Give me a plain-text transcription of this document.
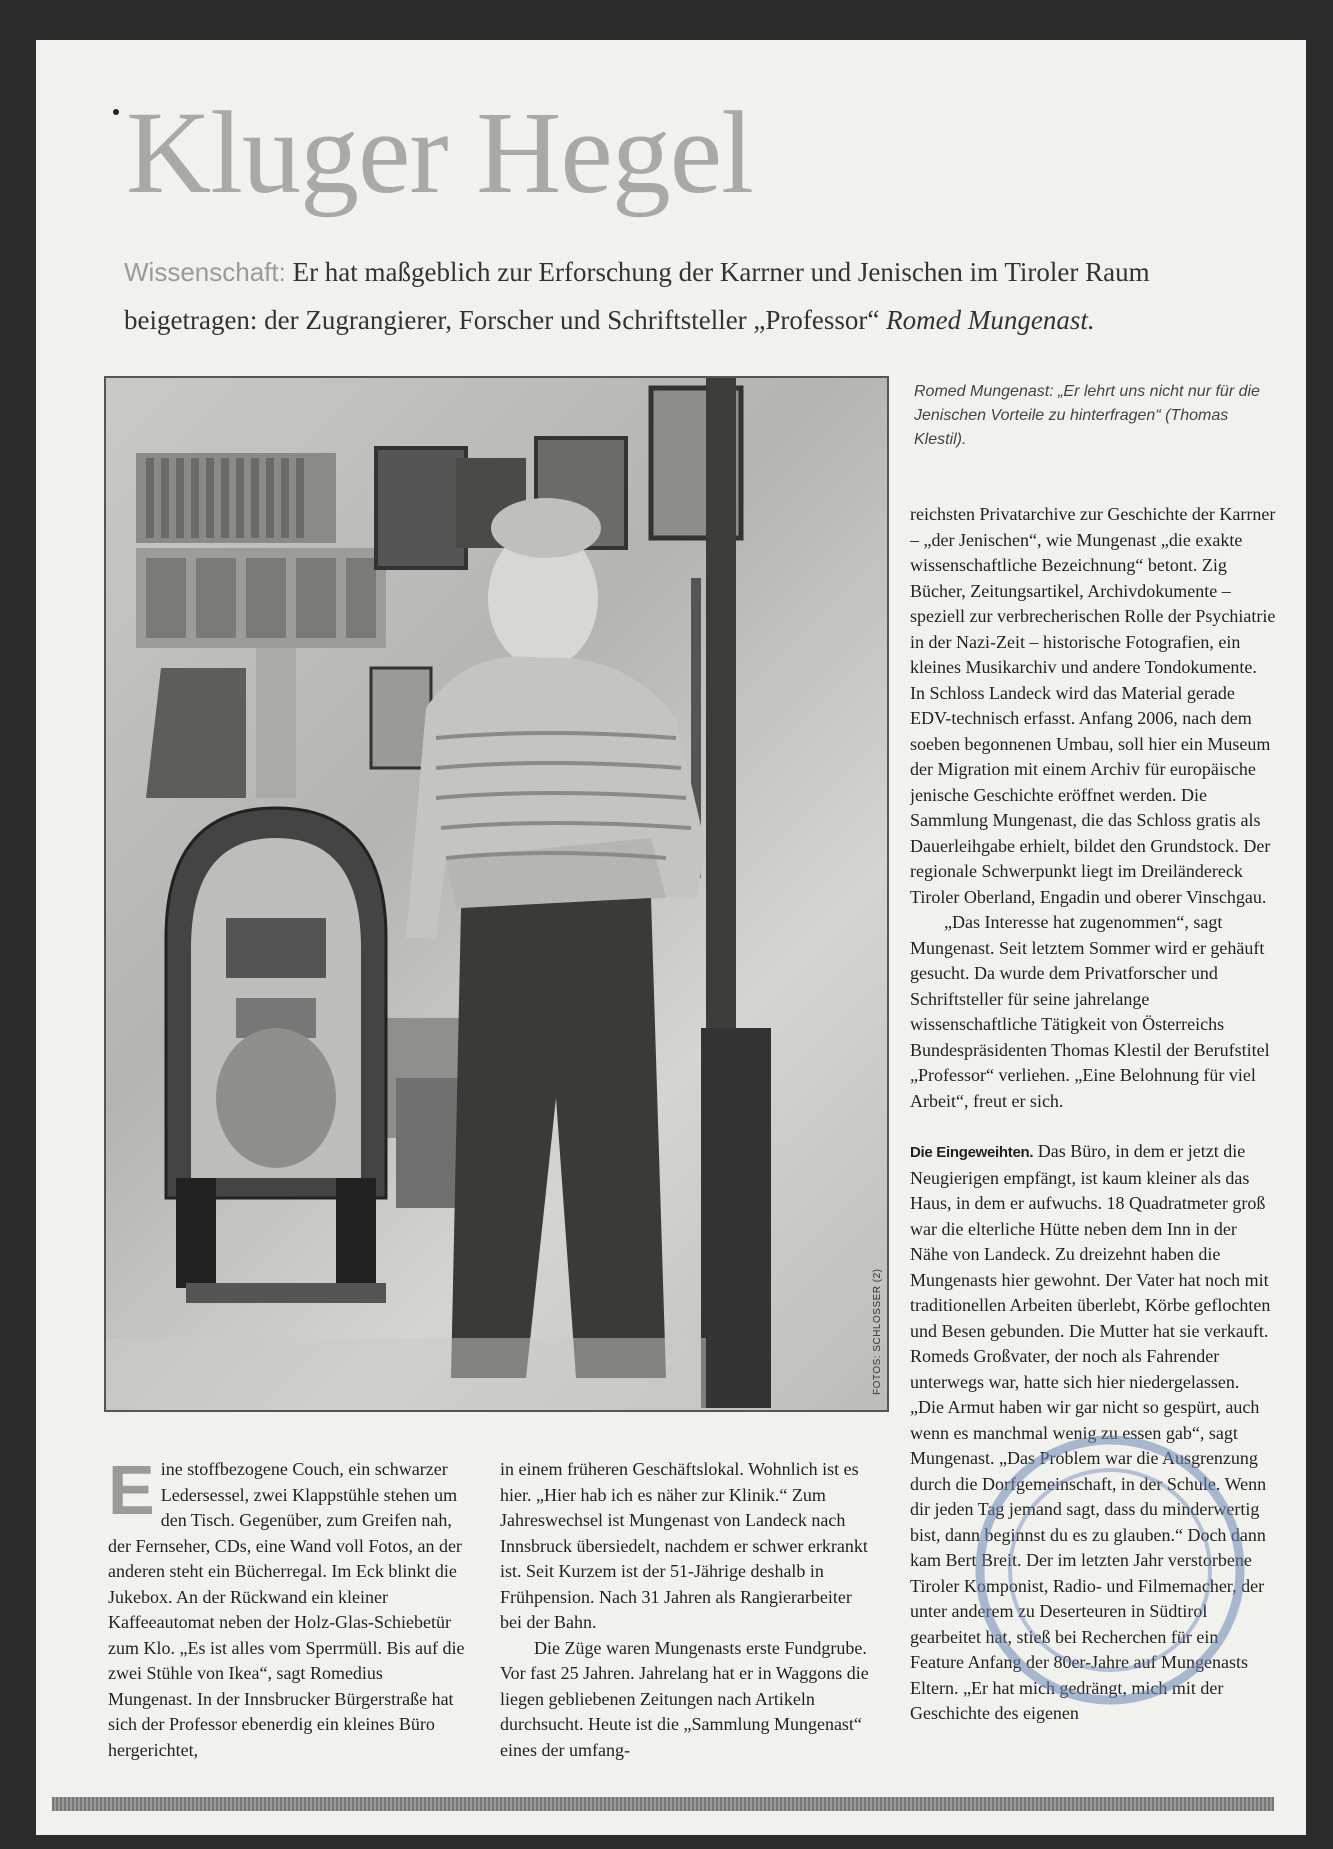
Kluger Hegel
Wissenschaft: Er hat maßgeblich zur Erforschung der Karrner und Jenischen im Tiroler Raum beigetragen: der Zugrangierer, Forscher und Schriftsteller „Professor“ Romed Mungenast.
FOTOS: SCHLOSSER (2)
Romed Mungenast: „Er lehrt uns nicht nur für die Jenischen Vorteile zu hinterfragen“ (Thomas Klestil).

Eine stoffbezogene Couch, ein schwarzer Ledersessel, zwei Klappstühle stehen um den Tisch. Gegenüber, zum Greifen nah, der Fernseher, CDs, eine Wand voll Fotos, an der anderen steht ein Bücherregal. Im Eck blinkt die Jukebox. An der Rückwand ein kleiner Kaffeeautomat neben der Holz-Glas-Schiebetür zum Klo. „Es ist alles vom Sperrmüll. Bis auf die zwei Stühle von Ikea“, sagt Romedius Mungenast. In der Innsbrucker Bürgerstraße hat sich der Professor ebenerdig ein kleines Büro hergerichtet,

in einem früheren Geschäftslokal. Wohnlich ist es hier. „Hier hab ich es näher zur Klinik.“ Zum Jahreswechsel ist Mungenast von Landeck nach Innsbruck übersiedelt, nachdem er schwer erkrankt ist. Seit Kurzem ist der 51-Jährige deshalb in Frühpension. Nach 31 Jahren als Rangierarbeiter bei der Bahn.

Die Züge waren Mungenasts erste Fundgrube. Vor fast 25 Jahren. Jahrelang hat er in Waggons die liegen gebliebenen Zeitungen nach Artikeln durchsucht. Heute ist die „Sammlung Mungenast“ eines der umfang-

reichsten Privatarchive zur Geschichte der Karrner – „der Jenischen“, wie Mungenast „die exakte wissenschaftliche Bezeichnung“ betont. Zig Bücher, Zeitungsartikel, Archivdokumente – speziell zur verbrecherischen Rolle der Psychiatrie in der Nazi-Zeit – historische Fotografien, ein kleines Musikarchiv und andere Tondokumente. In Schloss Landeck wird das Material gerade EDV-technisch erfasst. Anfang 2006, nach dem soeben begonnenen Umbau, soll hier ein Museum der Migration mit einem Archiv für europäische jenische Geschichte eröffnet werden. Die Sammlung Mungenast, die das Schloss gratis als Dauerleihgabe erhielt, bildet den Grundstock. Der regionale Schwerpunkt liegt im Dreiländereck Tiroler Oberland, Engadin und oberer Vinschgau.

„Das Interesse hat zugenommen“, sagt Mungenast. Seit letztem Sommer wird er gehäuft gesucht. Da wurde dem Privatforscher und Schriftsteller für seine jahrelange wissenschaftliche Tätigkeit von Österreichs Bundespräsidenten Thomas Klestil der Berufstitel „Professor“ verliehen. „Eine Belohnung für viel Arbeit“, freut er sich.

Die Eingeweihten. Das Büro, in dem er jetzt die Neugierigen empfängt, ist kaum kleiner als das Haus, in dem er aufwuchs. 18 Quadratmeter groß war die elterliche Hütte neben dem Inn in der Nähe von Landeck. Zu dreizehnt haben die Mungenasts hier gewohnt. Der Vater hat noch mit traditionellen Arbeiten überlebt, Körbe geflochten und Besen gebunden. Die Mutter hat sie verkauft. Romeds Großvater, der noch als Fahrender unterwegs war, hatte sich hier niedergelassen. „Die Armut haben wir gar nicht so gespürt, auch wenn es manchmal wenig zu essen gab“, sagt Mungenast. „Das Problem war die Ausgrenzung durch die Dorfgemeinschaft, in der Schule. Wenn dir jeden Tag jemand sagt, dass du minderwertig bist, dann beginnst du es zu glauben.“ Doch dann kam Bert Breit. Der im letzten Jahr verstorbene Tiroler Komponist, Radio- und Filmemacher, der unter anderem zu Deserteuren in Südtirol gearbeitet hat, stieß bei Recherchen für ein Feature Anfang der 80er-Jahre auf Mungenasts Eltern. „Er hat mich gedrängt, mich mit der Geschichte des eigenen
